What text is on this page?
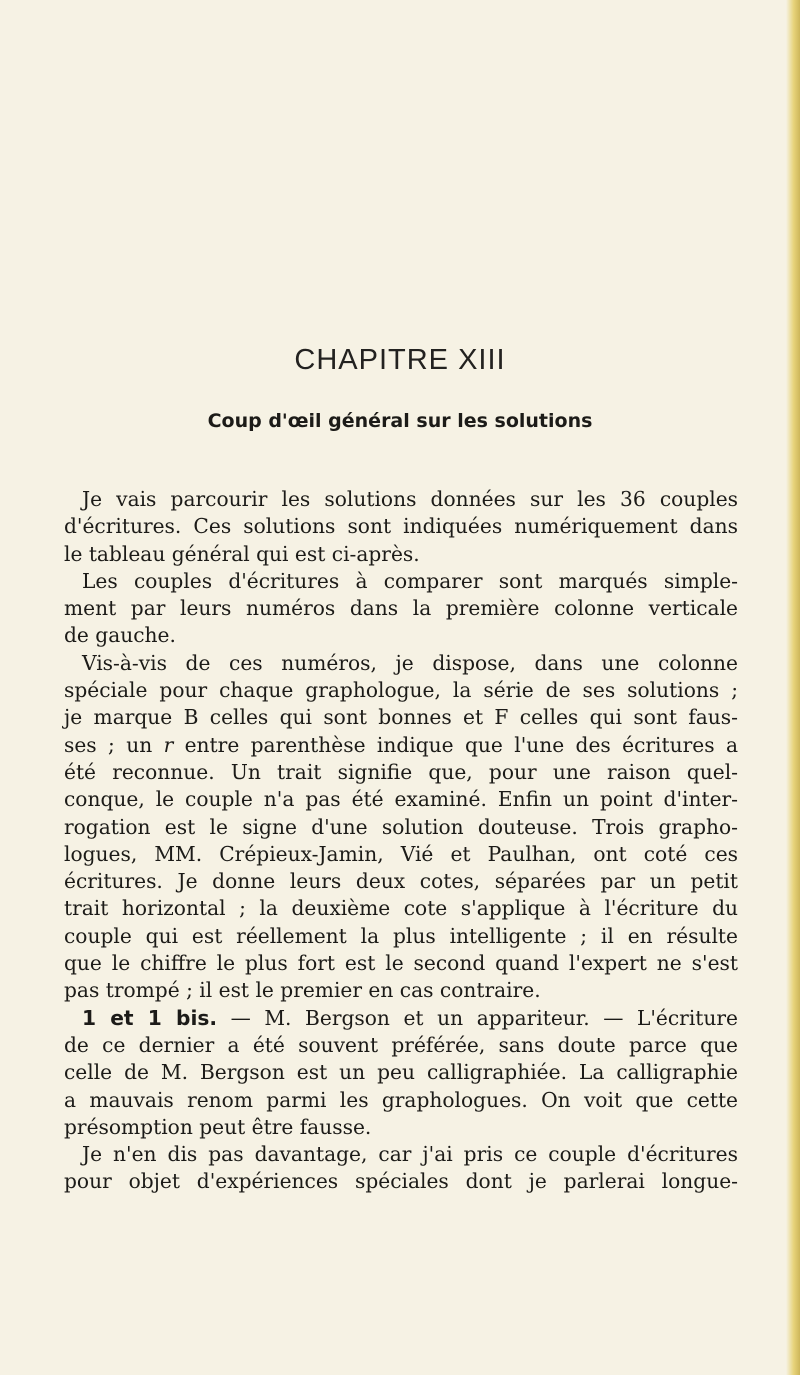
CHAPITRE XIII
Coup d'œil général sur les solutions
Je vais parcourir les solutions données sur les 36 couples
d'écritures. Ces solutions sont indiquées numériquement dans
le tableau général qui est ci-après.
Les couples d'écritures à comparer sont marqués simple-
ment par leurs numéros dans la première colonne verticale
de gauche.
Vis-à-vis de ces numéros, je dispose, dans une colonne
spéciale pour chaque graphologue, la série de ses solutions ;
je marque B celles qui sont bonnes et F celles qui sont faus-
ses ; un r entre parenthèse indique que l'une des écritures a
été reconnue. Un trait signifie que, pour une raison quel-
conque, le couple n'a pas été examiné. Enfin un point d'inter-
rogation est le signe d'une solution douteuse. Trois grapho-
logues, MM. Crépieux-Jamin, Vié et Paulhan, ont coté ces
écritures. Je donne leurs deux cotes, séparées par un petit
trait horizontal ; la deuxième cote s'applique à l'écriture du
couple qui est réellement la plus intelligente ; il en résulte
que le chiffre le plus fort est le second quand l'expert ne s'est
pas trompé ; il est le premier en cas contraire.
1 et 1 bis. — M. Bergson et un appariteur. — L'écriture
de ce dernier a été souvent préférée, sans doute parce que
celle de M. Bergson est un peu calligraphiée. La calligraphie
a mauvais renom parmi les graphologues. On voit que cette
présomption peut être fausse.
Je n'en dis pas davantage, car j'ai pris ce couple d'écritures
pour objet d'expériences spéciales dont je parlerai longue-
